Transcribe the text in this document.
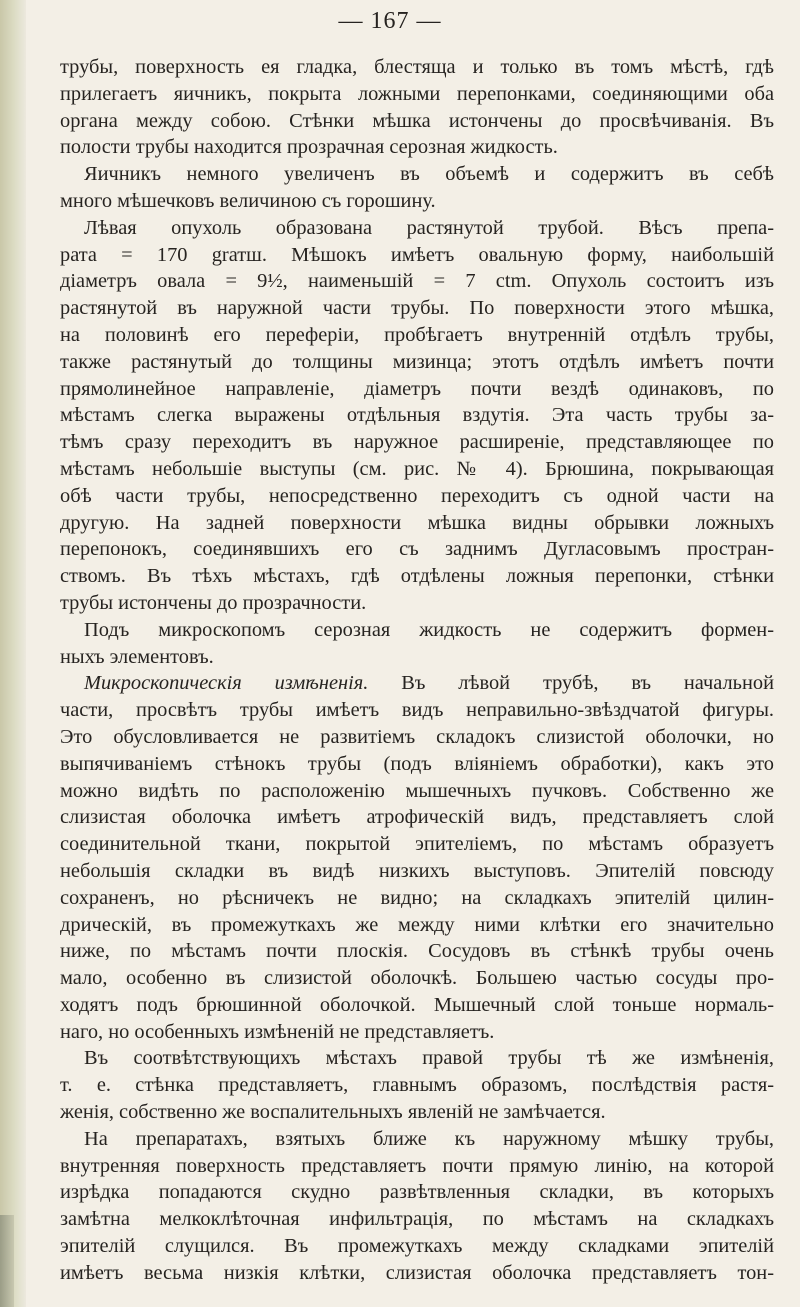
— 167 —
трубы, поверхность ея гладка, блестяща и только въ томъ мѣстѣ, гдѣ
прилегаетъ яичникъ, покрыта ложными перепонками, соединяющими оба
органа между собою. Стѣнки мѣшка истончены до просвѣчиванія. Въ
полости трубы находится прозрачная серозная жидкость.
Яичникъ немного увеличенъ въ объемѣ и содержитъ въ себѣ
много мѣшечковъ величиною съ горошину.
Лѣвая опухоль образована растянутой трубой. Вѣсъ препа-
рата = 170 grатш. Мѣшокъ имѣетъ овальную форму, наибольшій
діаметръ овала = 9½, наименьшій = 7 ctm. Опухоль состоитъ изъ
растянутой въ наружной части трубы. По поверхности этого мѣшка,
на половинѣ его переферіи, пробѣгаетъ внутренній отдѣлъ трубы,
также растянутый до толщины мизинца; этотъ отдѣлъ имѣетъ почти
прямолинейное направленіе, діаметръ почти вездѣ одинаковъ, по
мѣстамъ слегка выражены отдѣльныя вздутія. Эта часть трубы за-
тѣмъ сразу переходитъ въ наружное расширеніе, представляющее по
мѣстамъ небольшіе выступы (см. рис. № 4). Брюшина, покрывающая
обѣ части трубы, непосредственно переходитъ съ одной части на
другую. На задней поверхности мѣшка видны обрывки ложныхъ
перепонокъ, соединявшихъ его съ заднимъ Дугласовымъ простран-
ствомъ. Въ тѣхъ мѣстахъ, гдѣ отдѣлены ложныя перепонки, стѣнки
трубы истончены до прозрачности.
Подъ микроскопомъ серозная жидкость не содержитъ формен-
ныхъ элементовъ.
Микроскопическія измѣненія. Въ лѣвой трубѣ, въ начальной
части, просвѣтъ трубы имѣетъ видъ неправильно-звѣздчатой фигуры.
Это обусловливается не развитіемъ складокъ слизистой оболочки, но
выпячиваніемъ стѣнокъ трубы (подъ вліяніемъ обработки), какъ это
можно видѣть по расположенію мышечныхъ пучковъ. Собственно же
слизистая оболочка имѣетъ атрофическій видъ, представляетъ слой
соединительной ткани, покрытой эпителіемъ, по мѣстамъ образуетъ
небольшія складки въ видѣ низкихъ выступовъ. Эпителій повсюду
сохраненъ, но рѣсничекъ не видно; на складкахъ эпителій цилин-
дрическій, въ промежуткахъ же между ними клѣтки его значительно
ниже, по мѣстамъ почти плоскія. Сосудовъ въ стѣнкѣ трубы очень
мало, особенно въ слизистой оболочкѣ. Большею частью сосуды про-
ходятъ подъ брюшинной оболочкой. Мышечный слой тоньше нормаль-
наго, но особенныхъ измѣненій не представляетъ.
Въ соотвѣтствующихъ мѣстахъ правой трубы тѣ же измѣненія,
т. е. стѣнка представляетъ, главнымъ образомъ, послѣдствія растя-
женія, собственно же воспалительныхъ явленій не замѣчается.
На препаратахъ, взятыхъ ближе къ наружному мѣшку трубы,
внутренняя поверхность представляетъ почти прямую линію, на которой
изрѣдка попадаются скудно развѣтвленныя складки, въ которыхъ
замѣтна мелкоклѣточная инфильтрація, по мѣстамъ на складкахъ
эпителій слущился. Въ промежуткахъ между складками эпителій
имѣетъ весьма низкія клѣтки, слизистая оболочка представляетъ тон-
